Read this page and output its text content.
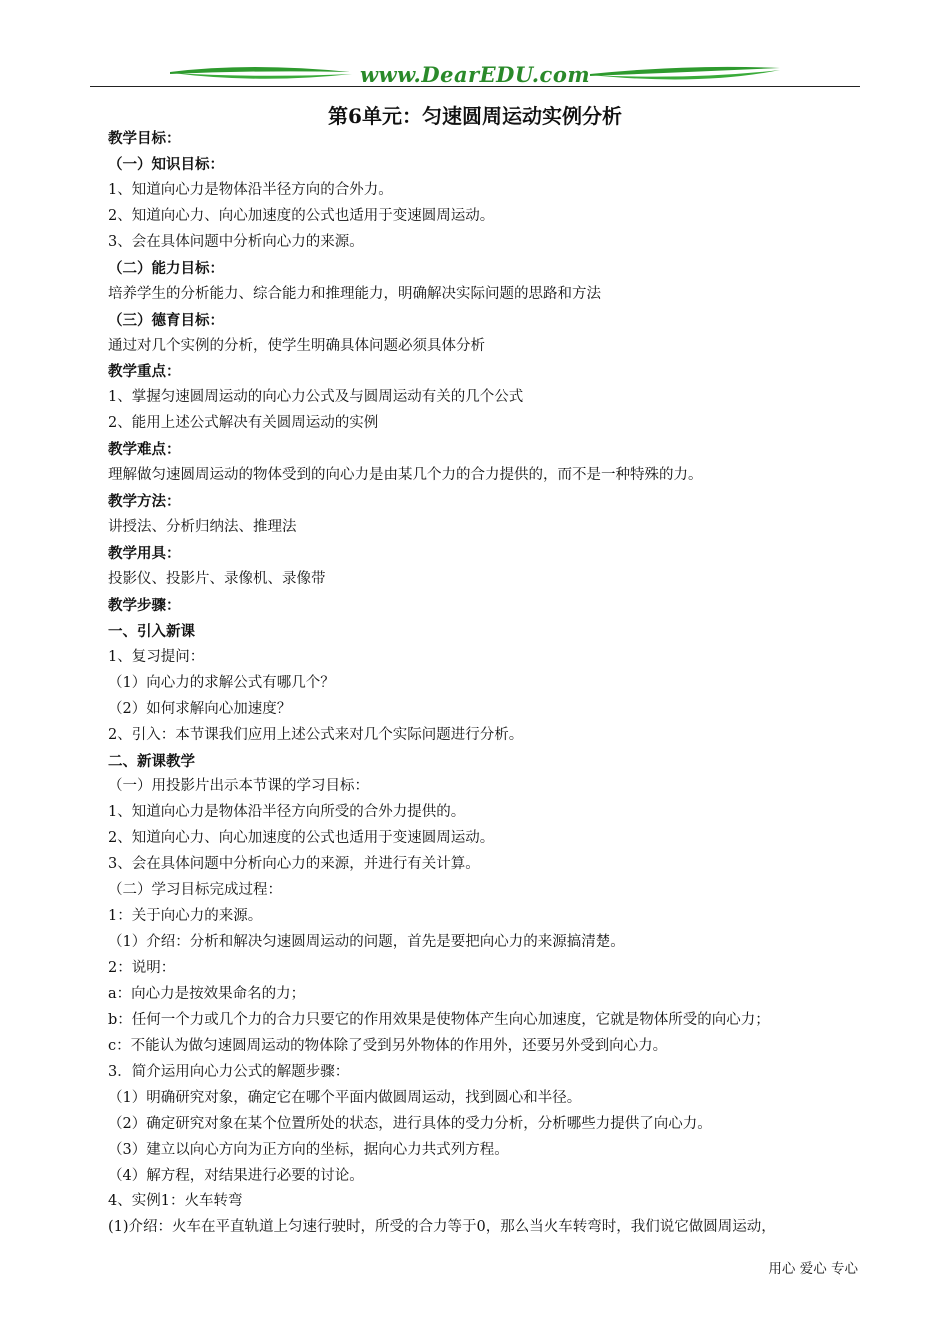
www.DearEDU.com
第6单元：匀速圆周运动实例分析
教学目标：
（一）知识目标：
1、知道向心力是物体沿半径方向的合外力。
2、知道向心力、向心加速度的公式也适用于变速圆周运动。
3、会在具体问题中分析向心力的来源。
（二）能力目标：
培养学生的分析能力、综合能力和推理能力，明确解决实际问题的思路和方法
（三）德育目标：
通过对几个实例的分析，使学生明确具体问题必须具体分析
教学重点：
1、掌握匀速圆周运动的向心力公式及与圆周运动有关的几个公式
2、能用上述公式解决有关圆周运动的实例
教学难点：
理解做匀速圆周运动的物体受到的向心力是由某几个力的合力提供的，而不是一种特殊的力。
教学方法：
讲授法、分析归纳法、推理法
教学用具：
投影仪、投影片、录像机、录像带
教学步骤：
一、引入新课
1、复习提问：
（1）向心力的求解公式有哪几个？
（2）如何求解向心加速度？
2、引入：本节课我们应用上述公式来对几个实际问题进行分析。
二、新课教学
（一）用投影片出示本节课的学习目标：
1、知道向心力是物体沿半径方向所受的合外力提供的。
2、知道向心力、向心加速度的公式也适用于变速圆周运动。
3、会在具体问题中分析向心力的来源，并进行有关计算。
（二）学习目标完成过程：
1：关于向心力的来源。
（1）介绍：分析和解决匀速圆周运动的问题，首先是要把向心力的来源搞清楚。
2：说明：
a：向心力是按效果命名的力；
b：任何一个力或几个力的合力只要它的作用效果是使物体产生向心加速度，它就是物体所受的向心力；
c：不能认为做匀速圆周运动的物体除了受到另外物体的作用外，还要另外受到向心力。
3．简介运用向心力公式的解题步骤：
（1）明确研究对象，确定它在哪个平面内做圆周运动，找到圆心和半径。
（2）确定研究对象在某个位置所处的状态，进行具体的受力分析，分析哪些力提供了向心力。
（3）建立以向心方向为正方向的坐标，据向心力共式列方程。
（4）解方程，对结果进行必要的讨论。
4、实例1：火车转弯
(1)介绍：火车在平直轨道上匀速行驶时，所受的合力等于0，那么当火车转弯时，我们说它做圆周运动，
用心 爱心 专心
